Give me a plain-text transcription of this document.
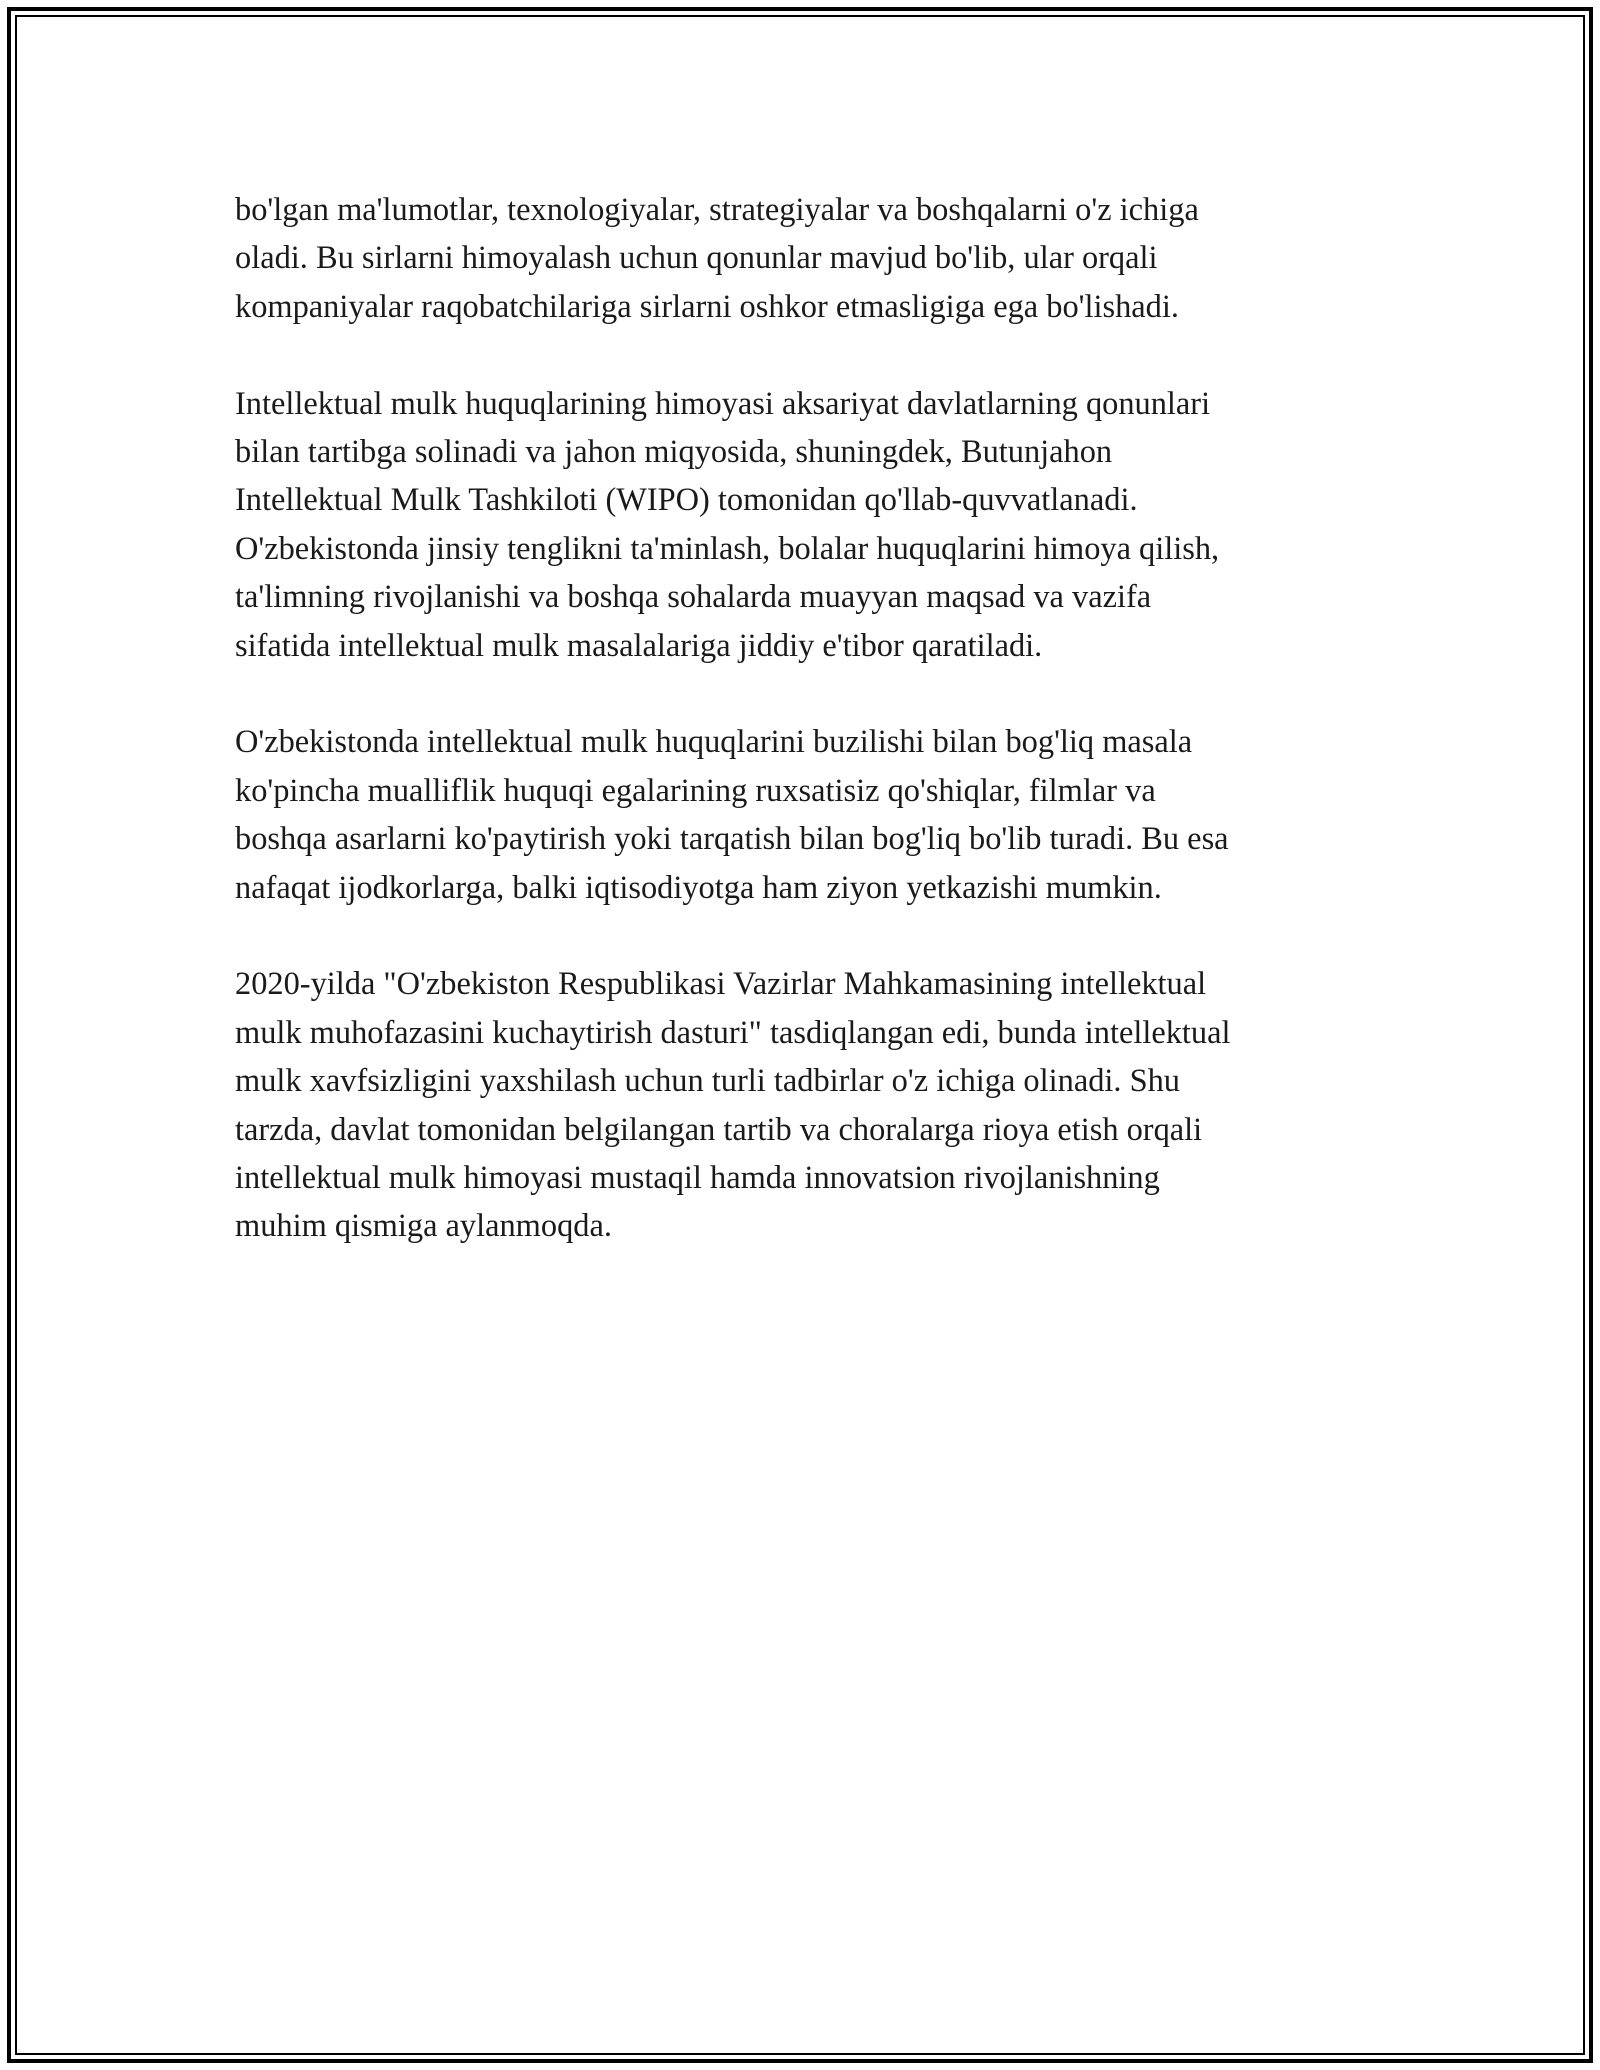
bo'lgan ma'lumotlar, texnologiyalar, strategiyalar va boshqalarni o'z ichiga
oladi. Bu sirlarni himoyalash uchun qonunlar mavjud bo'lib, ular orqali
kompaniyalar raqobatchilariga sirlarni oshkor etmasligiga ega bo'lishadi.

Intellektual mulk huquqlarining himoyasi aksariyat davlatlarning qonunlari
bilan tartibga solinadi va jahon miqyosida, shuningdek, Butunjahon
Intellektual Mulk Tashkiloti (WIPO) tomonidan qo'llab-quvvatlanadi.
O'zbekistonda jinsiy tenglikni ta'minlash, bolalar huquqlarini himoya qilish,
ta'limning rivojlanishi va boshqa sohalarda muayyan maqsad va vazifa
sifatida intellektual mulk masalalariga jiddiy e'tibor qaratiladi.

O'zbekistonda intellektual mulk huquqlarini buzilishi bilan bog'liq masala
ko'pincha mualliflik huquqi egalarining ruxsatisiz qo'shiqlar, filmlar va
boshqa asarlarni ko'paytirish yoki tarqatish bilan bog'liq bo'lib turadi. Bu esa
nafaqat ijodkorlarga, balki iqtisodiyotga ham ziyon yetkazishi mumkin.

2020-yilda "O'zbekiston Respublikasi Vazirlar Mahkamasining intellektual
mulk muhofazasini kuchaytirish dasturi" tasdiqlangan edi, bunda intellektual
mulk xavfsizligini yaxshilash uchun turli tadbirlar o'z ichiga olinadi. Shu
tarzda, davlat tomonidan belgilangan tartib va choralarga rioya etish orqali
intellektual mulk himoyasi mustaqil hamda innovatsion rivojlanishning
muhim qismiga aylanmoqda.
